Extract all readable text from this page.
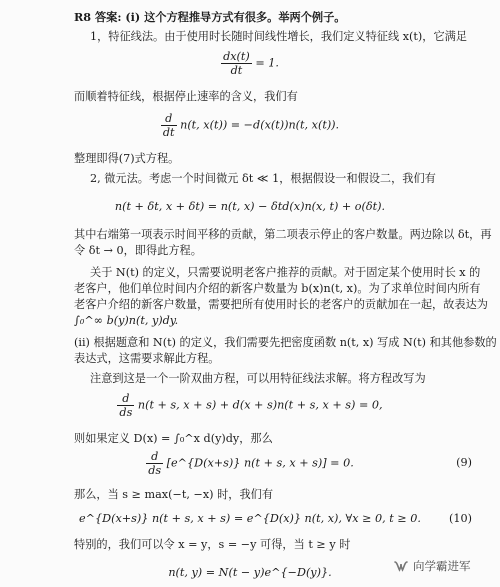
R8 答案: (i) 这个方程推导方式有很多。举两个例子。
1，特征线法。由于使用时长随时间线性增长，我们定义特征线 x(t)，它满足
$\frac{dx(t)}{dt} = 1$.
而顺着特征线，根据停止速率的含义，我们有
$\frac{d}{dt} n(t$, x(t)) = −d(x(t))n(t, x(t)).
整理即得(7)式方程。
2, 微元法。考虑一个时间微元 δt ≪ 1，根据假设一和假设二，我们有
n(t + δt, x + δt) = n(t, x) − δtd(x)n(x, t) + o(δt).
其中右端第一项表示时间平移的贡献，第二项表示停止的客户数量。两边除以 δt，再
令 δt → 0，即得此方程。
关于 N(t) 的定义，只需要说明老客户推荐的贡献。对于固定某个使用时长 x 的
老客户，他们单位时间内介绍的新客户数量为 b(x)n(t, x)。为了求单位时间内所有
老客户介绍的新客户数量，需要把所有使用时长的老客户的贡献加在一起，故表达为
∫₀^∞ b(y)n(t, y)dy.
(ii) 根据题意和 N(t) 的定义，我们需要先把密度函数 n(t, x) 写成 N(t) 和其他参数的
表达式，这需要求解此方程。
注意到这是一个一阶双曲方程，可以用特征线法求解。将方程改写为
$\frac{d}{ds} n(t + s$, x + s) + d(x + s)n(t + s, x + s) = 0,
则如果定义 D(x) = ∫₀^x d(y)dy，那么
$\frac{d}{ds}$ [e^{D(x+s)} n(t + s, x + s)] = 0.	(9)
那么，当 s ≥ max(−t, −x) 时，我们有
e^{D(x+s)} n(t + s, x + s) = e^{D(x)} n(t, x), ∀x ≥ 0, t ≥ 0.	(10)
特别的，我们可以令 x = y，s = −y 可得，当 t ≥ y 时
n(t, y) = N(t − y)e^{−D(y)}.	向学霸进军
